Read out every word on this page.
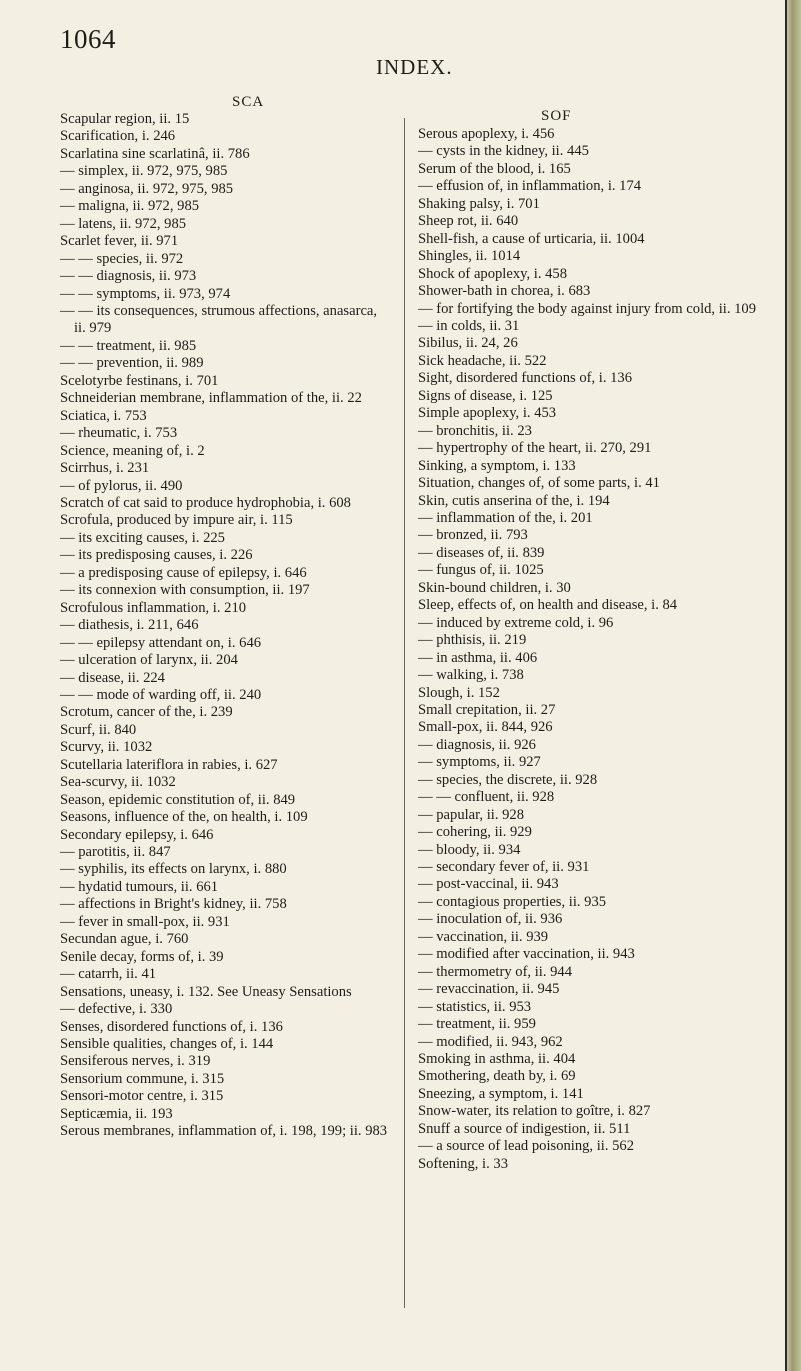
1064
INDEX.
SCA
SOF
Scapular region, ii. 15
Scarification, i. 246
Scarlatina sine scarlatinâ, ii. 786
— simplex, ii. 972, 975, 985
— anginosa, ii. 972, 975, 985
— maligna, ii. 972, 985
— latens, ii. 972, 985
Scarlet fever, ii. 971
— — species, ii. 972
— — diagnosis, ii. 973
— — symptoms, ii. 973, 974
— — its consequences, strumous affections, anasarca, ii. 979
— — treatment, ii. 985
— — prevention, ii. 989
Scelotyrbe festinans, i. 701
Schneiderian membrane, inflammation of the, ii. 22
Sciatica, i. 753
— rheumatic, i. 753
Science, meaning of, i. 2
Scirrhus, i. 231
— of pylorus, ii. 490
Scratch of cat said to produce hydrophobia, i. 608
Scrofula, produced by impure air, i. 115
— its exciting causes, i. 225
— its predisposing causes, i. 226
— a predisposing cause of epilepsy, i. 646
— its connexion with consumption, ii. 197
Scrofulous inflammation, i. 210
— diathesis, i. 211, 646
— — epilepsy attendant on, i. 646
— ulceration of larynx, ii. 204
— disease, ii. 224
— — mode of warding off, ii. 240
Scrotum, cancer of the, i. 239
Scurf, ii. 840
Scurvy, ii. 1032
Scutellaria lateriflora in rabies, i. 627
Sea-scurvy, ii. 1032
Season, epidemic constitution of, ii. 849
Seasons, influence of the, on health, i. 109
Secondary epilepsy, i. 646
— parotitis, ii. 847
— syphilis, its effects on larynx, i. 880
— hydatid tumours, ii. 661
— affections in Bright's kidney, ii. 758
— fever in small-pox, ii. 931
Secundan ague, i. 760
Senile decay, forms of, i. 39
— catarrh, ii. 41
Sensations, uneasy, i. 132. See Uneasy Sensations
— defective, i. 330
Senses, disordered functions of, i. 136
Sensible qualities, changes of, i. 144
Sensiferous nerves, i. 319
Sensorium commune, i. 315
Sensori-motor centre, i. 315
Septicæmia, ii. 193
Serous membranes, inflammation of, i. 198, 199; ii. 983
Serous apoplexy, i. 456
— cysts in the kidney, ii. 445
Serum of the blood, i. 165
— effusion of, in inflammation, i. 174
Shaking palsy, i. 701
Sheep rot, ii. 640
Shell-fish, a cause of urticaria, ii. 1004
Shingles, ii. 1014
Shock of apoplexy, i. 458
Shower-bath in chorea, i. 683
— for fortifying the body against injury from cold, ii. 109
— in colds, ii. 31
Sibilus, ii. 24, 26
Sick headache, ii. 522
Sight, disordered functions of, i. 136
Signs of disease, i. 125
Simple apoplexy, i. 453
— bronchitis, ii. 23
— hypertrophy of the heart, ii. 270, 291
Sinking, a symptom, i. 133
Situation, changes of, of some parts, i. 41
Skin, cutis anserina of the, i. 194
— inflammation of the, i. 201
— bronzed, ii. 793
— diseases of, ii. 839
— fungus of, ii. 1025
Skin-bound children, i. 30
Sleep, effects of, on health and disease, i. 84
— induced by extreme cold, i. 96
— phthisis, ii. 219
— in asthma, ii. 406
— walking, i. 738
Slough, i. 152
Small crepitation, ii. 27
Small-pox, ii. 844, 926
— diagnosis, ii. 926
— symptoms, ii. 927
— species, the discrete, ii. 928
— — confluent, ii. 928
— papular, ii. 928
— cohering, ii. 929
— bloody, ii. 934
— secondary fever of, ii. 931
— post-vaccinal, ii. 943
— contagious properties, ii. 935
— inoculation of, ii. 936
— vaccination, ii. 939
— modified after vaccination, ii. 943
— thermometry of, ii. 944
— revaccination, ii. 945
— statistics, ii. 953
— treatment, ii. 959
— modified, ii. 943, 962
Smoking in asthma, ii. 404
Smothering, death by, i. 69
Sneezing, a symptom, i. 141
Snow-water, its relation to goître, i. 827
Snuff a source of indigestion, ii. 511
— a source of lead poisoning, ii. 562
Softening, i. 33
